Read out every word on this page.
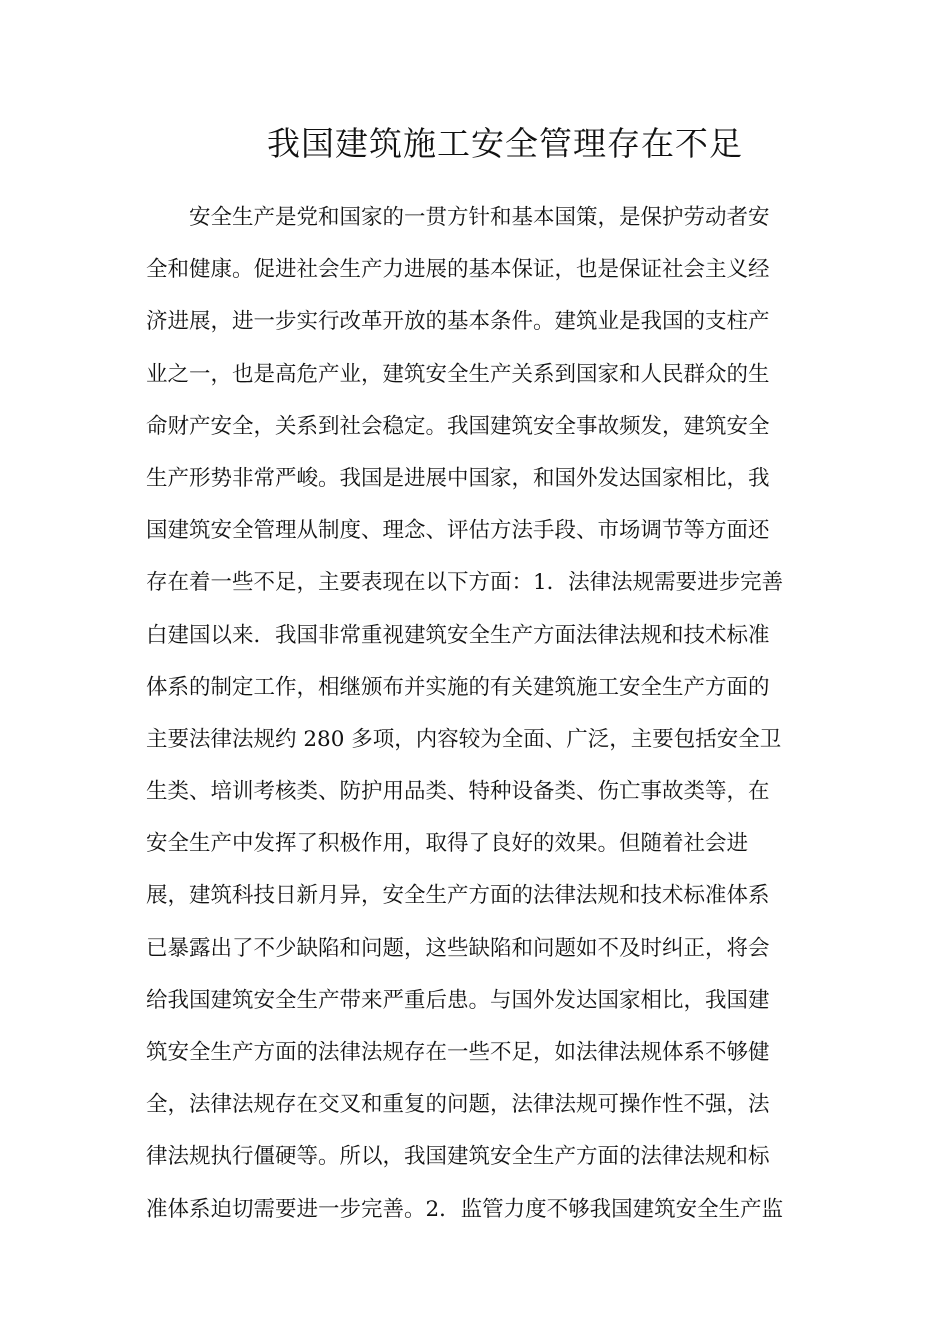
我国建筑施工安全管理存在不足
安全生产是党和国家的一贯方针和基本国策，是保护劳动者安
全和健康。促进社会生产力进展的基本保证，也是保证社会主义经
济进展，进一步实行改革开放的基本条件。建筑业是我国的支柱产
业之一，也是高危产业，建筑安全生产关系到国家和人民群众的生
命财产安全，关系到社会稳定。我国建筑安全事故频发，建筑安全
生产形势非常严峻。我国是进展中国家，和国外发达国家相比，我
国建筑安全管理从制度、理念、评估方法手段、市场调节等方面还
存在着一些不足，主要表现在以下方面：1．法律法规需要进步完善
白建国以来．我国非常重视建筑安全生产方面法律法规和技术标准
体系的制定工作，相继颁布并实施的有关建筑施工安全生产方面的
主要法律法规约 280 多项，内容较为全面、广泛，主要包括安全卫
生类、培训考核类、防护用品类、特种设备类、伤亡事故类等，在
安全生产中发挥了积极作用，取得了良好的效果。但随着社会进
展，建筑科技日新月异，安全生产方面的法律法规和技术标准体系
已暴露出了不少缺陷和问题，这些缺陷和问题如不及时纠正，将会
给我国建筑安全生产带来严重后患。与国外发达国家相比，我国建
筑安全生产方面的法律法规存在一些不足，如法律法规体系不够健
全，法律法规存在交叉和重复的问题，法律法规可操作性不强，法
律法规执行僵硬等。所以，我国建筑安全生产方面的法律法规和标
准体系迫切需要进一步完善。2．监管力度不够我国建筑安全生产监
